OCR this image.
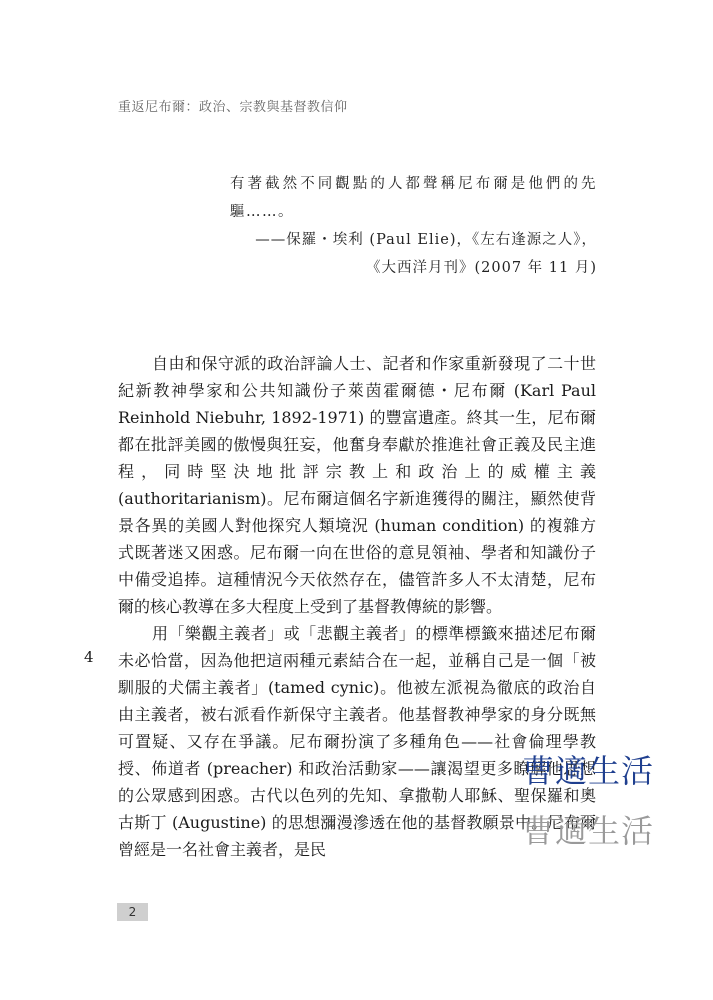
重返尼布爾：政治、宗教與基督教信仰

有著截然不同觀點的人都聲稱尼布爾是他們的先

驅……。

——保羅・埃利 (Paul Elie)，《左右逢源之人》，

《大西洋月刊》(2007 年 11 月)

自由和保守派的政治評論人士、記者和作家重新發現了二十世紀新教神學家和公共知識份子萊茵霍爾德・尼布爾 (Karl Paul Reinhold Niebuhr, 1892-1971) 的豐富遺產。終其一生，尼布爾都在批評美國的傲慢與狂妄，他奮身奉獻於推進社會正義及民主進程，同時堅決地批評宗教上和政治上的威權主義 (authoritarianism)。尼布爾這個名字新進獲得的關注，顯然使背景各異的美國人對他探究人類境況 (human condition) 的複雜方式既著迷又困惑。尼布爾一向在世俗的意見領袖、學者和知識份子中備受追捧。這種情況今天依然存在，儘管許多人不太清楚，尼布爾的核心教導在多大程度上受到了基督教傳統的影響。

用「樂觀主義者」或「悲觀主義者」的標準標籤來描述尼布爾未必恰當，因為他把這兩種元素結合在一起，並稱自己是一個「被馴服的犬儒主義者」(tamed cynic)。他被左派視為徹底的政治自由主義者，被右派看作新保守主義者。他基督教神學家的身分既無可置疑、又存在爭議。尼布爾扮演了多種角色——社會倫理學教授、佈道者 (preacher) 和政治活動家——讓渴望更多瞭解他思想的公眾感到困惑。古代以色列的先知、拿撒勒人耶穌、聖保羅和奧古斯丁 (Augustine) 的思想瀰漫滲透在他的基督教願景中。尼布爾曾經是一名社會主義者，是民

4
曹適生活
曹適生活
2
